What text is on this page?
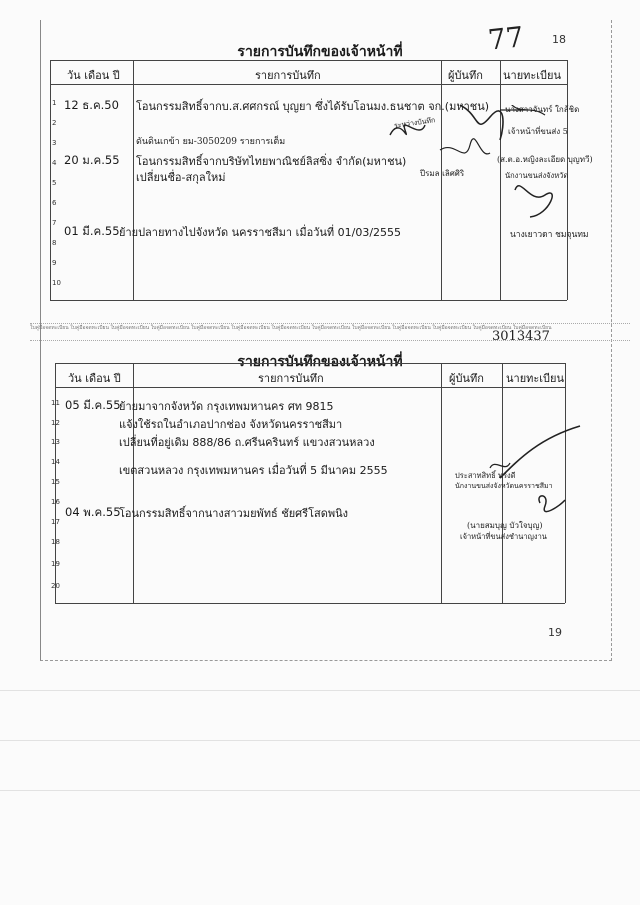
รายการบันทึกของเจ้าหน้าที่
18
77
วัน เดือน ปี	รายการบันทึก	ผู้บันทึก นายทะเบียน
1
2
3
4
5
6
7
8
9
10
12 ธ.ค.50 โอนกรรมสิทธิ์จากบ.ส.ศศกรณ์ บุญยา ซึ่งได้รับโอนมง.ธนชาต จก.(มหาชน)
ดันดินเกข้า ยม-3050209 รายการเต็ม
20 ม.ค.55 โอนกรรมสิทธิ์จากบริษัทไทยพาณิชย์ลิสซิ่ง จำกัด(มหาชน)
เปลี่ยนชื่อ-สกุลใหม่
01 มี.ค.55 ย้ายปลายทางไปจังหวัด นครราชสีมา เมื่อวันที่ 01/03/2555
ระหว่างบันทึก
นางสาวจันทร์ ใกล้ชิด
เจ้าหน้าที่ขนส่ง 5
(ส.ต.อ.หญิงละเอียด บุญทวี)
นักงานขนส่งจังหวัด
ปีรมล เลิศศิริ
นางเยาวดา ชมจุนทม
ใบคู่มือจดทะเบียน ใบคู่มือจดทะเบียน ใบคู่มือจดทะเบียน ใบคู่มือจดทะเบียน ใบคู่มือจดทะเบียน ใบคู่มือจดทะเบียน ใบคู่มือจดทะเบียน ใบคู่มือจดทะเบียน ใบคู่มือจดทะเบียน ใบคู่มือจดทะเบียน ใบคู่มือจดทะเบียน ใบคู่มือจดทะเบียน ใบคู่มือจดทะเบียน
3013437
รายการบันทึกของเจ้าหน้าที่
วัน เดือน ปี	รายการบันทึก	ผู้บันทึก นายทะเบียน
11
12
13
14
15
16
17
18
19
20
05 มี.ค.55
ย้ายมาจากจังหวัด กรุงเทพมหานคร ศท 9815
แจ้งใช้รถในอำเภอปากช่อง จังหวัดนครราชสีมา
เปลี่ยนที่อยู่เดิม 888/86 ถ.ศรีนครินทร์ แขวงสวนหลวง
เขตสวนหลวง กรุงเทพมหานคร เมื่อวันที่ 5 มีนาคม 2555
04 พ.ค.55
โอนกรรมสิทธิ์จากนางสาวมยพัทธ์ ชัยศรีโสดพนิง
ประสาทสิทธิ์ ทรงดี
นักงานขนส่งจังหวัดนครราชสีมา
(นายสมบุญ บัวใจบุญ)
เจ้าหน้าที่ขนส่งชำนาญงาน
19
